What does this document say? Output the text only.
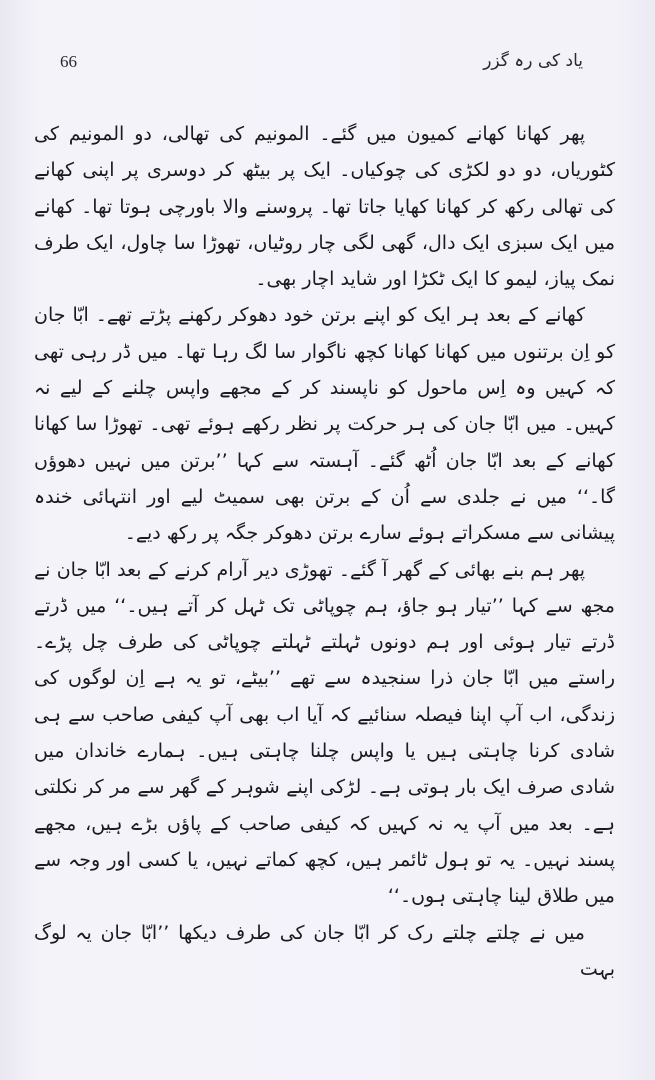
66	یاد کی رہ گزر

پھر کھانا کھانے کمیون میں گئے۔ المونیم کی تھالی، دو المونیم کی کٹوریاں، دو دو لکڑی کی چوکیاں۔ ایک پر بیٹھ کر دوسری پر اپنی کھانے کی تھالی رکھ کر کھانا کھایا جاتا تھا۔ پروسنے والا باورچی ہوتا تھا۔ کھانے میں ایک سبزی ایک دال، گھی لگی چار روٹیاں، تھوڑا سا چاول، ایک طرف نمک پیاز، لیمو کا ایک ٹکڑا اور شاید اچار بھی۔

کھانے کے بعد ہر ایک کو اپنے برتن خود دھوکر رکھنے پڑتے تھے۔ ابّا جان کو اِن برتنوں میں کھانا کھانا کچھ ناگوار سا لگ رہا تھا۔ میں ڈر رہی تھی کہ کہیں وہ اِس ماحول کو ناپسند کر کے مجھے واپس چلنے کے لیے نہ کہیں۔ میں ابّا جان کی ہر حرکت پر نظر رکھے ہوئے تھی۔ تھوڑا سا کھانا کھانے کے بعد ابّا جان اُٹھ گئے۔ آہستہ سے کہا ’’برتن میں نہیں دھوؤں گا۔‘‘ میں نے جلدی سے اُن کے برتن بھی سمیٹ لیے اور انتہائی خندہ پیشانی سے مسکراتے ہوئے سارے برتن دھوکر جگہ پر رکھ دیے۔

پھر ہم بنے بھائی کے گھر آ گئے۔ تھوڑی دیر آرام کرنے کے بعد ابّا جان نے مجھ سے کہا ’’تیار ہو جاؤ، ہم چوپاٹی تک ٹہل کر آتے ہیں۔‘‘ میں ڈرتے ڈرتے تیار ہوئی اور ہم دونوں ٹہلتے ٹہلتے چوپاٹی کی طرف چل پڑے۔ راستے میں ابّا جان ذرا سنجیدہ سے تھے ’’بیٹے، تو یہ ہے اِن لوگوں کی زندگی، اب آپ اپنا فیصلہ سنائیے کہ آیا اب بھی آپ کیفی صاحب سے ہی شادی کرنا چاہتی ہیں یا واپس چلنا چاہتی ہیں۔ ہمارے خاندان میں شادی صرف ایک بار ہوتی ہے۔ لڑکی اپنے شوہر کے گھر سے مر کر نکلتی ہے۔ بعد میں آپ یہ نہ کہیں کہ کیفی صاحب کے پاؤں بڑے ہیں، مجھے پسند نہیں۔ یہ تو ہول ٹائمر ہیں، کچھ کماتے نہیں، یا کسی اور وجہ سے میں طلاق لینا چاہتی ہوں۔‘‘

میں نے چلتے چلتے رک کر ابّا جان کی طرف دیکھا ’’ابّا جان یہ لوگ بہت
